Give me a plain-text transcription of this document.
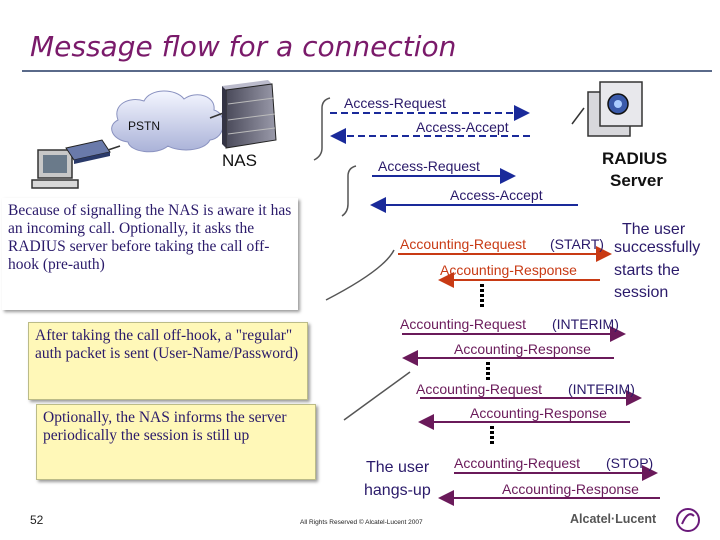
Message flow for a connection
PSTN
NAS	RADIUS
Server
Access-Request
Access-Accept
Access-Request
Access-Accept
Accounting-Request (START)
Accounting-Response
Accounting-Request (INTERIM)
Accounting-Response
Accounting-Request (INTERIM)
Accounting-Response
Accounting-Request (STOP)
Accounting-Response
The user successfully starts the session
The user hangs-up
Because of signalling the NAS is aware it has an incoming call. Optionally, it asks the RADIUS server before taking the call off-hook (pre-auth)
After taking the call off-hook, a "regular" auth packet is sent (User-Name/Password)
Optionally, the NAS informs the server periodically the session is still up
52	All Rights Reserved © Alcatel-Lucent 2007	Alcatel·Lucent
